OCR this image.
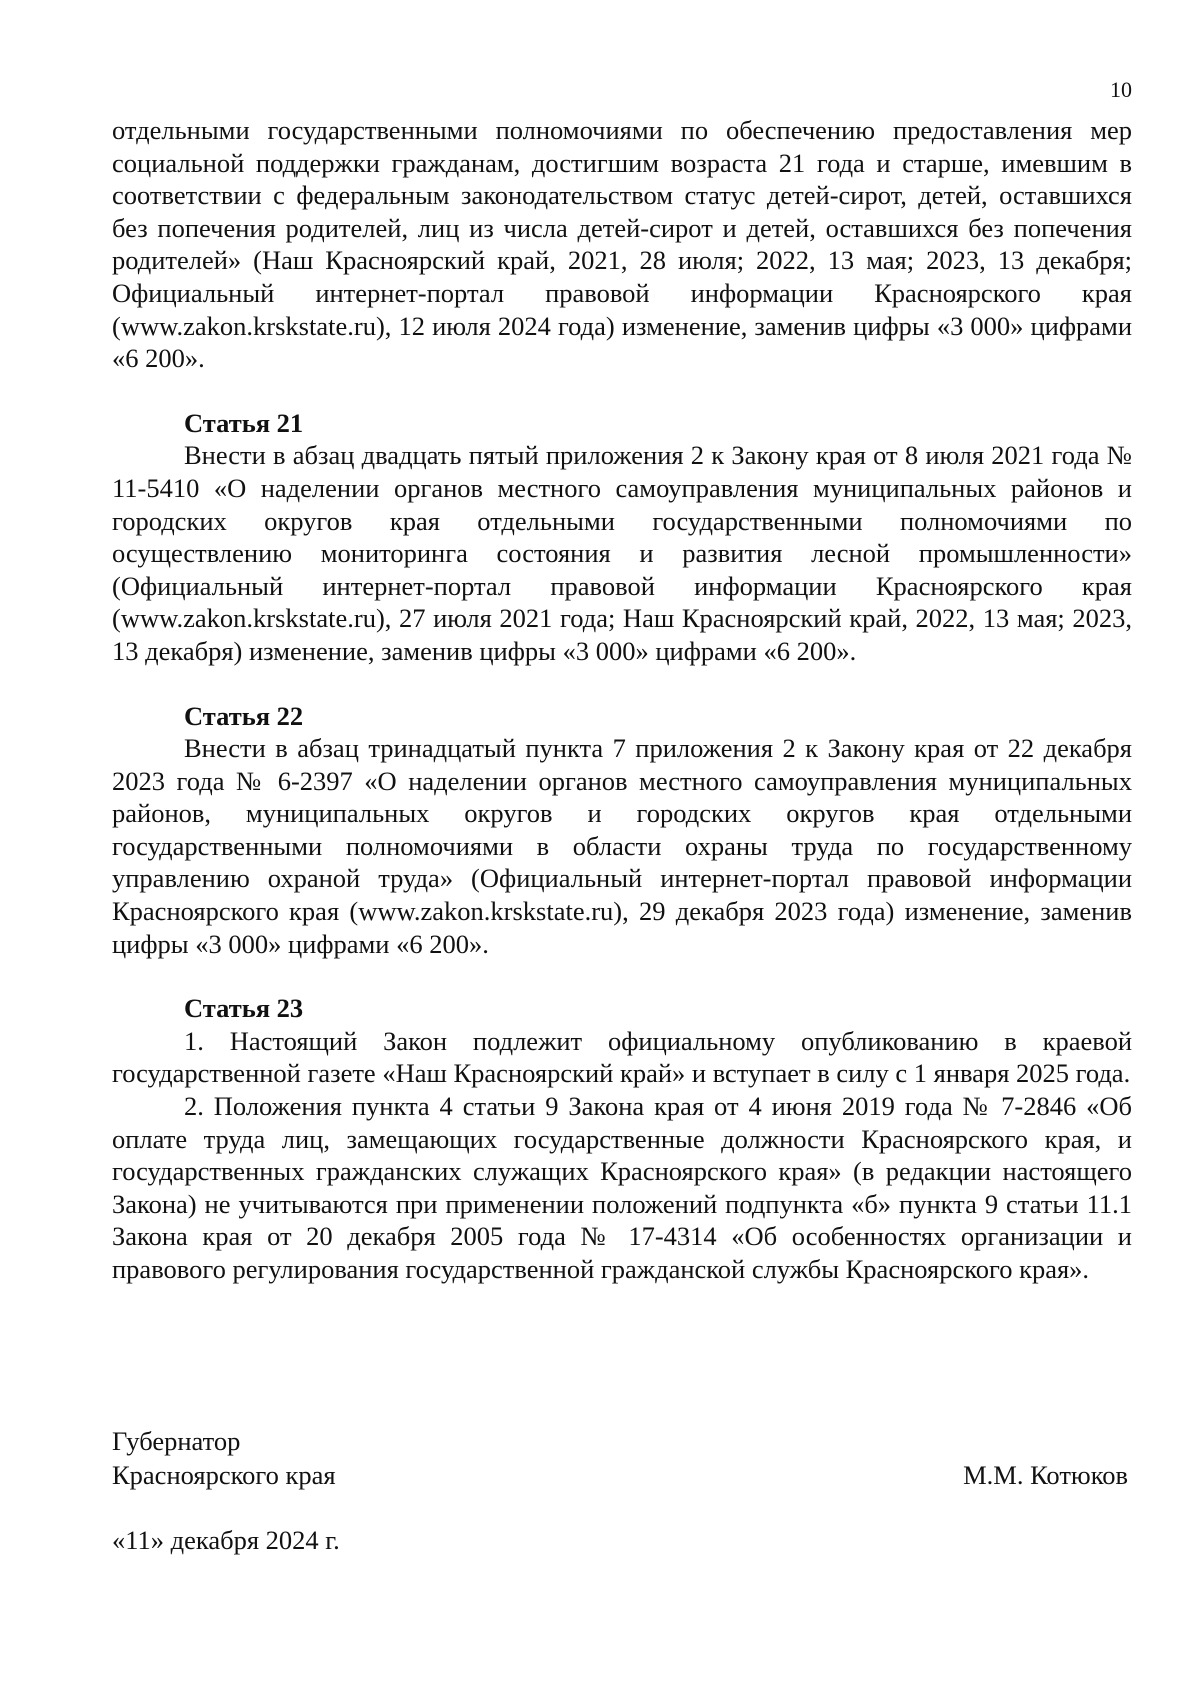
10

отдельными государственными полномочиями по обеспечению предоставления мер социальной поддержки гражданам, достигшим возраста 21 года и старше, имевшим в соответствии с федеральным законодательством статус детей-сирот, детей, оставшихся без попечения родителей, лиц из числа детей-сирот и детей, оставшихся без попечения родителей» (Наш Красноярский край, 2021, 28 июля; 2022, 13 мая; 2023, 13 декабря; Официальный интернет-портал правовой информации Красноярского края (www.zakon.krskstate.ru), 12 июля 2024 года) изменение, заменив цифры «3 000» цифрами «6 200».

Статья 21

Внести в абзац двадцать пятый приложения 2 к Закону края от 8 июля 2021 года № 11-5410 «О наделении органов местного самоуправления муниципальных районов и городских округов края отдельными государственными полномочиями по осуществлению мониторинга состояния и развития лесной промышленности» (Официальный интернет-портал правовой информации Красноярского края (www.zakon.krskstate.ru), 27 июля 2021 года; Наш Красноярский край, 2022, 13 мая; 2023, 13 декабря) изменение, заменив цифры «3 000» цифрами «6 200».

Статья 22

Внести в абзац тринадцатый пункта 7 приложения 2 к Закону края от 22 декабря 2023 года № 6-2397 «О наделении органов местного самоуправления муниципальных районов, муниципальных округов и городских округов края отдельными государственными полномочиями в области охраны труда по государственному управлению охраной труда» (Официальный интернет-портал правовой информации Красноярского края (www.zakon.krskstate.ru), 29 декабря 2023 года) изменение, заменив цифры «3 000» цифрами «6 200».

Статья 23

1. Настоящий Закон подлежит официальному опубликованию в краевой государственной газете «Наш Красноярский край» и вступает в силу с 1 января 2025 года.

2. Положения пункта 4 статьи 9 Закона края от 4 июня 2019 года № 7-2846 «Об оплате труда лиц, замещающих государственные должности Красноярского края, и государственных гражданских служащих Красноярского края» (в редакции настоящего Закона) не учитываются при применении положений подпункта «б» пункта 9 статьи 11.1 Закона края от 20 декабря 2005 года № 17-4314 «Об особенностях организации и правового регулирования государственной гражданской службы Красноярского края».

Губернатор
Красноярского края	М.М. Котюков
«11» декабря 2024 г.
